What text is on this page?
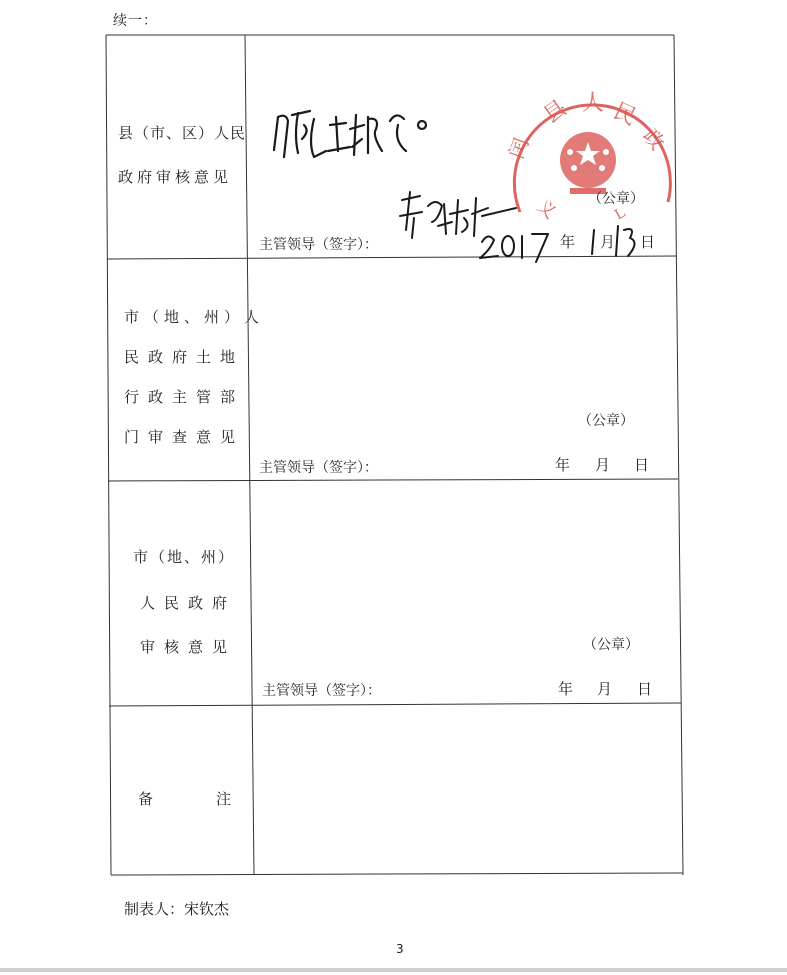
续一：
县（市、区）人民
政府审核意见
同意上报。
县 人 民
政
闰
义	L
（公章）
主管领导（签字）：	年 月 日
市（地、州）人
民政府土地
行政主管部
门审查意见
（公章）
主管领导（签字）：	年 月 日
市（地、州）
人民政府
审核意见	（公章）
主管领导（签字）：	年 月 日
备	注
制表人：宋钦杰
3
